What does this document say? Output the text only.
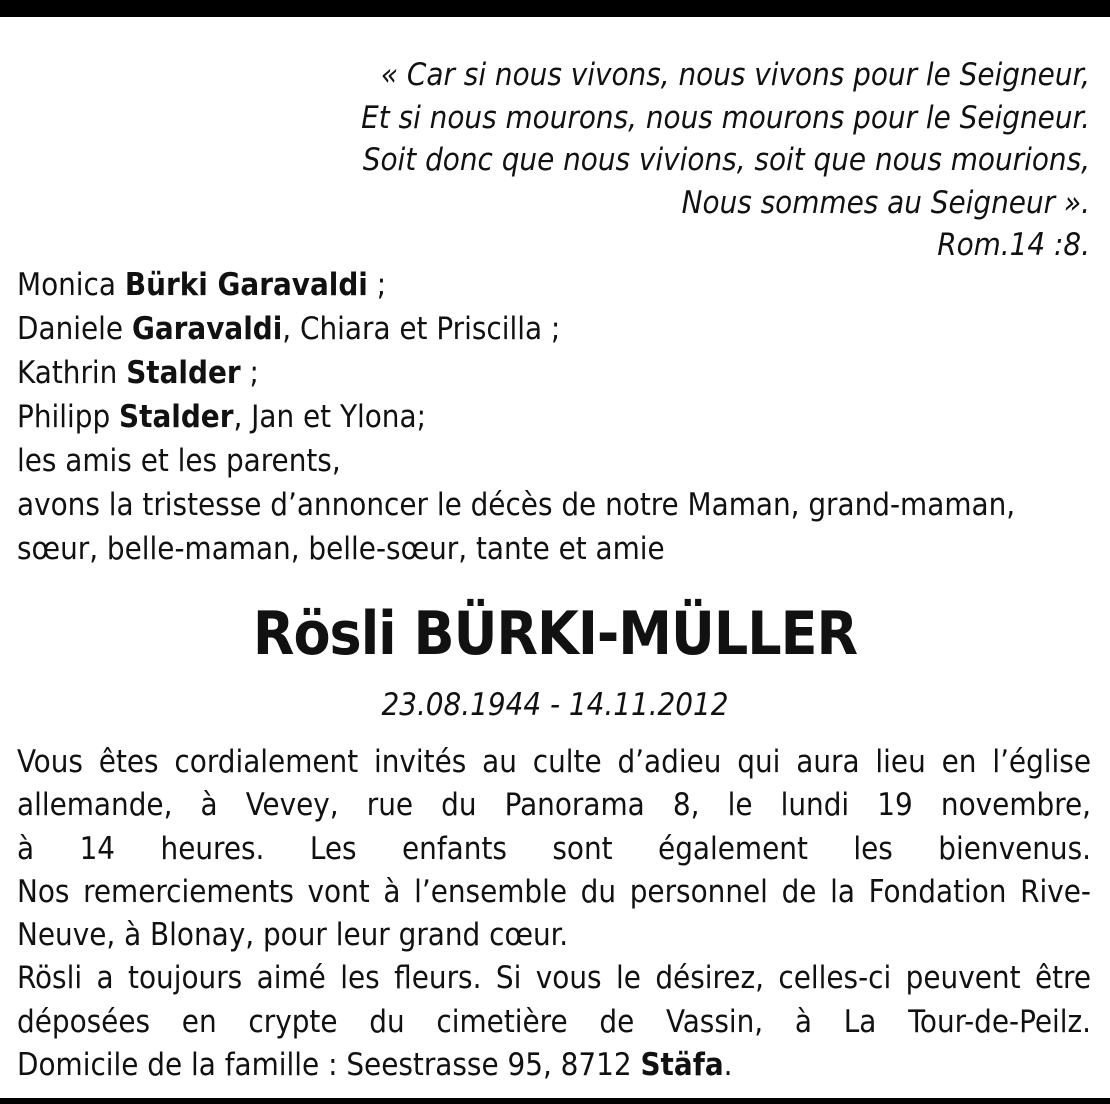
« Car si nous vivons, nous vivons pour le Seigneur,
Et si nous mourons, nous mourons pour le Seigneur.
Soit donc que nous vivions, soit que nous mourions,
Nous sommes au Seigneur ».
Rom.14 :8.
Monica Bürki Garavaldi ;
Daniele Garavaldi, Chiara et Priscilla ;
Kathrin Stalder ;
Philipp Stalder, Jan et Ylona;
les amis et les parents,
avons la tristesse d’annoncer le décès de notre Maman, grand-maman,
sœur, belle-maman, belle-sœur, tante et amie
Rösli BÜRKI-MÜLLER
23.08.1944 - 14.11.2012
Vous êtes cordialement invités au culte d’adieu qui aura lieu en l’église
allemande, à Vevey, rue du Panorama 8, le lundi 19 novembre,
à 14 heures. Les enfants sont également les bienvenus.
Nos remerciements vont à l’ensemble du personnel de la Fondation Rive-
Neuve, à Blonay, pour leur grand cœur.
Rösli a toujours aimé les fleurs. Si vous le désirez, celles-ci peuvent être
déposées en crypte du cimetière de Vassin, à La Tour-de-Peilz.
Domicile de la famille : Seestrasse 95, 8712 Stäfa.
